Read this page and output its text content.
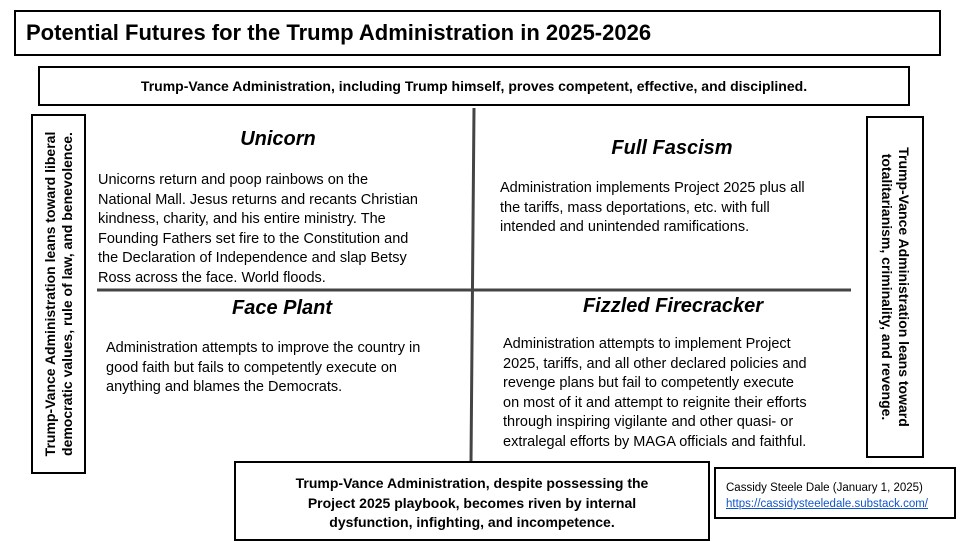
Potential Futures for the Trump Administration in 2025-2026
Trump-Vance Administration, including Trump himself, proves competent, effective, and disciplined.
Trump-Vance Administration leans toward liberal democratic values, rule of law, and benevolence.	Trump-Vance Administration leans toward
totalitarianism, criminality, and revenge.
Unicorn
Unicorns return and poop rainbows on the
National Mall. Jesus returns and recants Christian
kindness, charity, and his entire ministry. The
Founding Fathers set fire to the Constitution and
the Declaration of Independence and slap Betsy
Ross across the face. World floods.
Full Fascism
Administration implements Project 2025 plus all
the tariffs, mass deportations, etc. with full
intended and unintended ramifications.
Face Plant
Administration attempts to improve the country in
good faith but fails to competently execute on
anything and blames the Democrats.
Fizzled Firecracker
Administration attempts to implement Project
2025, tariffs, and all other declared policies and
revenge plans but fail to competently execute
on most of it and attempt to reignite their efforts
through inspiring vigilante and other quasi- or
extralegal efforts by MAGA officials and faithful.
Trump-Vance Administration, despite possessing the
Project 2025 playbook, becomes riven by internal
dysfunction, infighting, and incompetence.
Cassidy Steele Dale (January 1, 2025)
https://cassidysteeledale.substack.com/
